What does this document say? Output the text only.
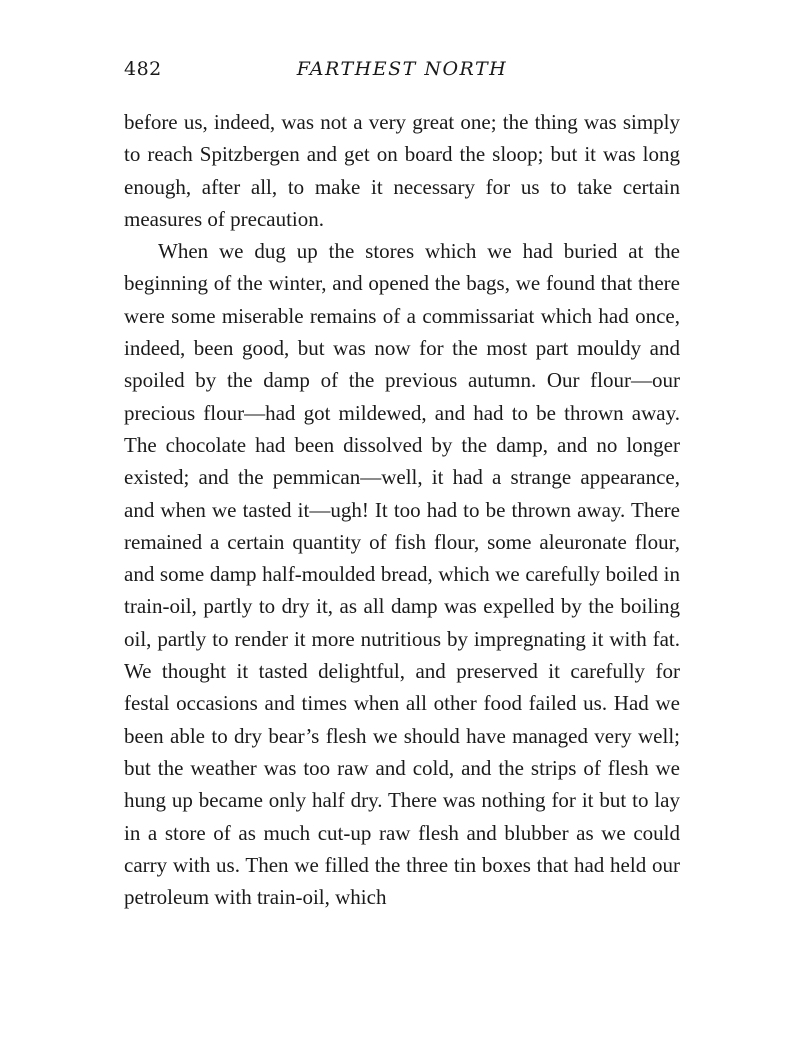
482	FARTHEST NORTH

before us, indeed, was not a very great one; the thing was simply to reach Spitzbergen and get on board the sloop; but it was long enough, after all, to make it necessary for us to take certain measures of precaution.

When we dug up the stores which we had buried at the beginning of the winter, and opened the bags, we found that there were some miserable remains of a commissariat which had once, indeed, been good, but was now for the most part mouldy and spoiled by the damp of the previous autumn. Our flour—our precious flour—had got mildewed, and had to be thrown away. The chocolate had been dissolved by the damp, and no longer existed; and the pemmican—well, it had a strange appearance, and when we tasted it—ugh! It too had to be thrown away. There remained a certain quantity of fish flour, some aleuronate flour, and some damp half-moulded bread, which we carefully boiled in train-oil, partly to dry it, as all damp was expelled by the boiling oil, partly to render it more nutritious by impregnating it with fat. We thought it tasted delightful, and preserved it carefully for festal occasions and times when all other food failed us. Had we been able to dry bear’s flesh we should have managed very well; but the weather was too raw and cold, and the strips of flesh we hung up became only half dry. There was nothing for it but to lay in a store of as much cut-up raw flesh and blubber as we could carry with us. Then we filled the three tin boxes that had held our petroleum with train-oil, which
